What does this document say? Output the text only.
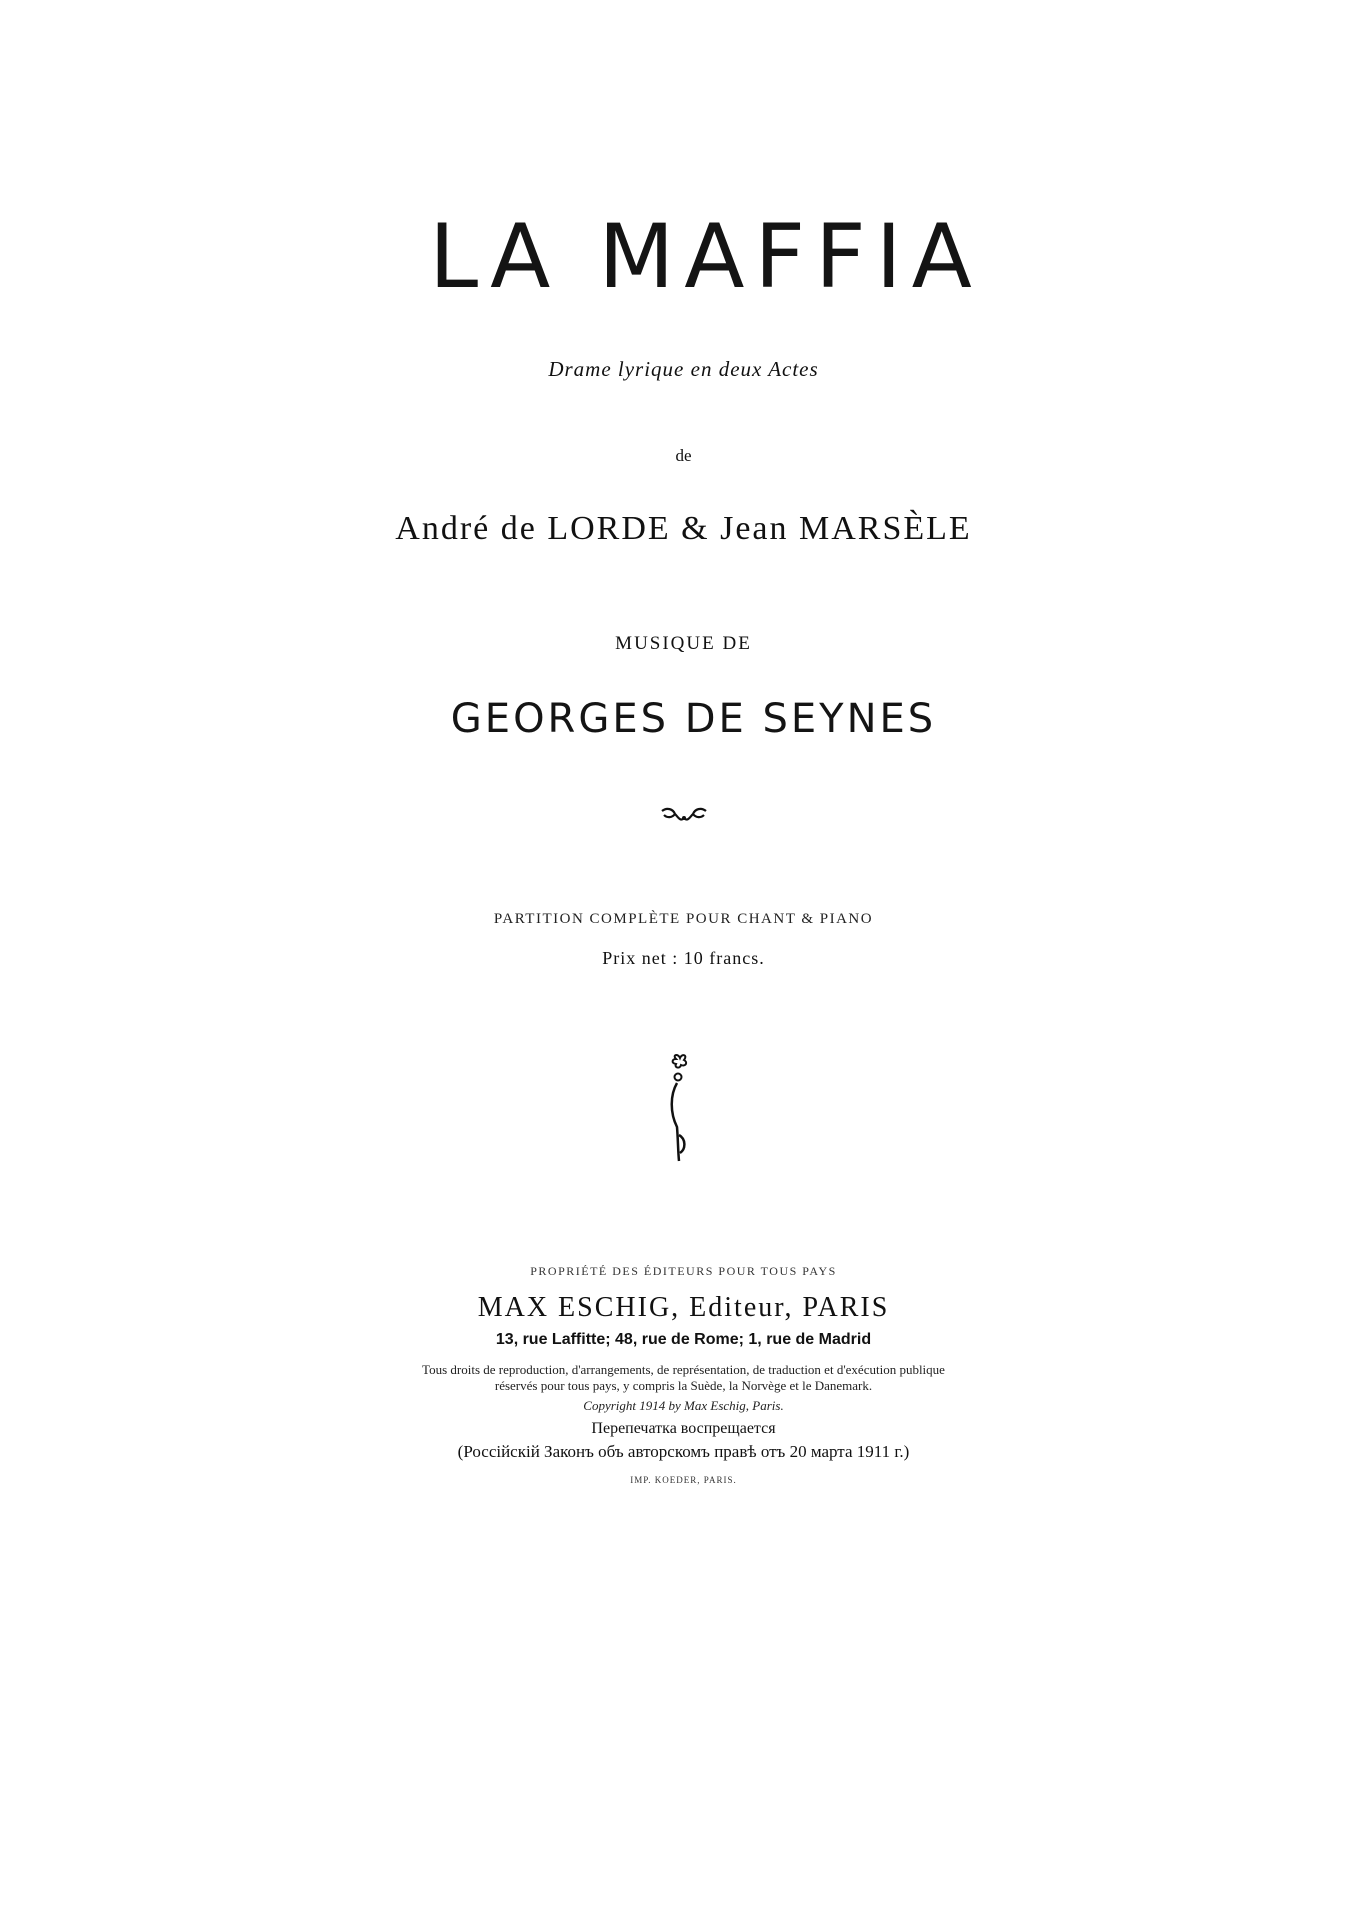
LA MAFFIA
Drame lyrique en deux Actes
de
André de LORDE & Jean MARSÈLE
MUSIQUE DE
GEORGES DE SEYNES
PARTITION COMPLÈTE POUR CHANT & PIANO
Prix net : 10 francs.
PROPRIÉTÉ DES ÉDITEURS POUR TOUS PAYS
MAX ESCHIG, Editeur, PARIS
13, rue Laffitte; 48, rue de Rome; 1, rue de Madrid
Tous droits de reproduction, d'arrangements, de représentation, de traduction et d'exécution publique
réservés pour tous pays, y compris la Suède, la Norvège et le Danemark.
Copyright 1914 by Max Eschig, Paris.
Перепечатка воспрещается
(Россійскій Законъ объ авторскомъ правѣ отъ 20 марта 1911 г.)
IMP. KOEDER, PARIS.
